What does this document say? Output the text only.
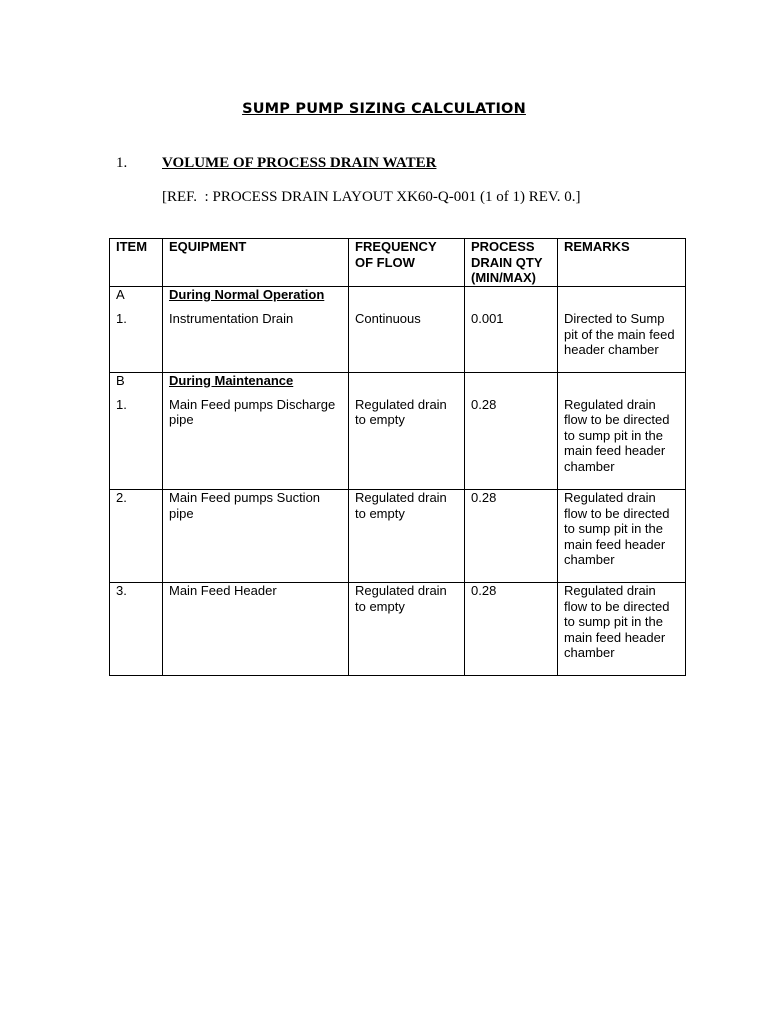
SUMP PUMP SIZING CALCULATION
1. VOLUME OF PROCESS DRAIN WATER
[REF.  : PROCESS DRAIN LAYOUT XK60-Q-001 (1 of 1) REV. 0.]
ITEM	EQUIPMENT	FREQUENCY OF FLOW	PROCESS DRAIN QTY (MIN/MAX)	REMARKS
A	During Normal Operation			
1.	Instrumentation Drain	Continuous	0.001	Directed to Sump pit of the main feed header chamber
B	During Maintenance			
1.	Main Feed pumps Discharge pipe	Regulated drain to empty	0.28	Regulated drain flow to be directed to sump pit in the main feed header chamber
2.	Main Feed pumps Suction pipe	Regulated drain to empty	0.28	Regulated drain flow to be directed to sump pit in the main feed header chamber
3.	Main Feed Header	Regulated drain to empty	0.28	Regulated drain flow to be directed to sump pit in the main feed header chamber
